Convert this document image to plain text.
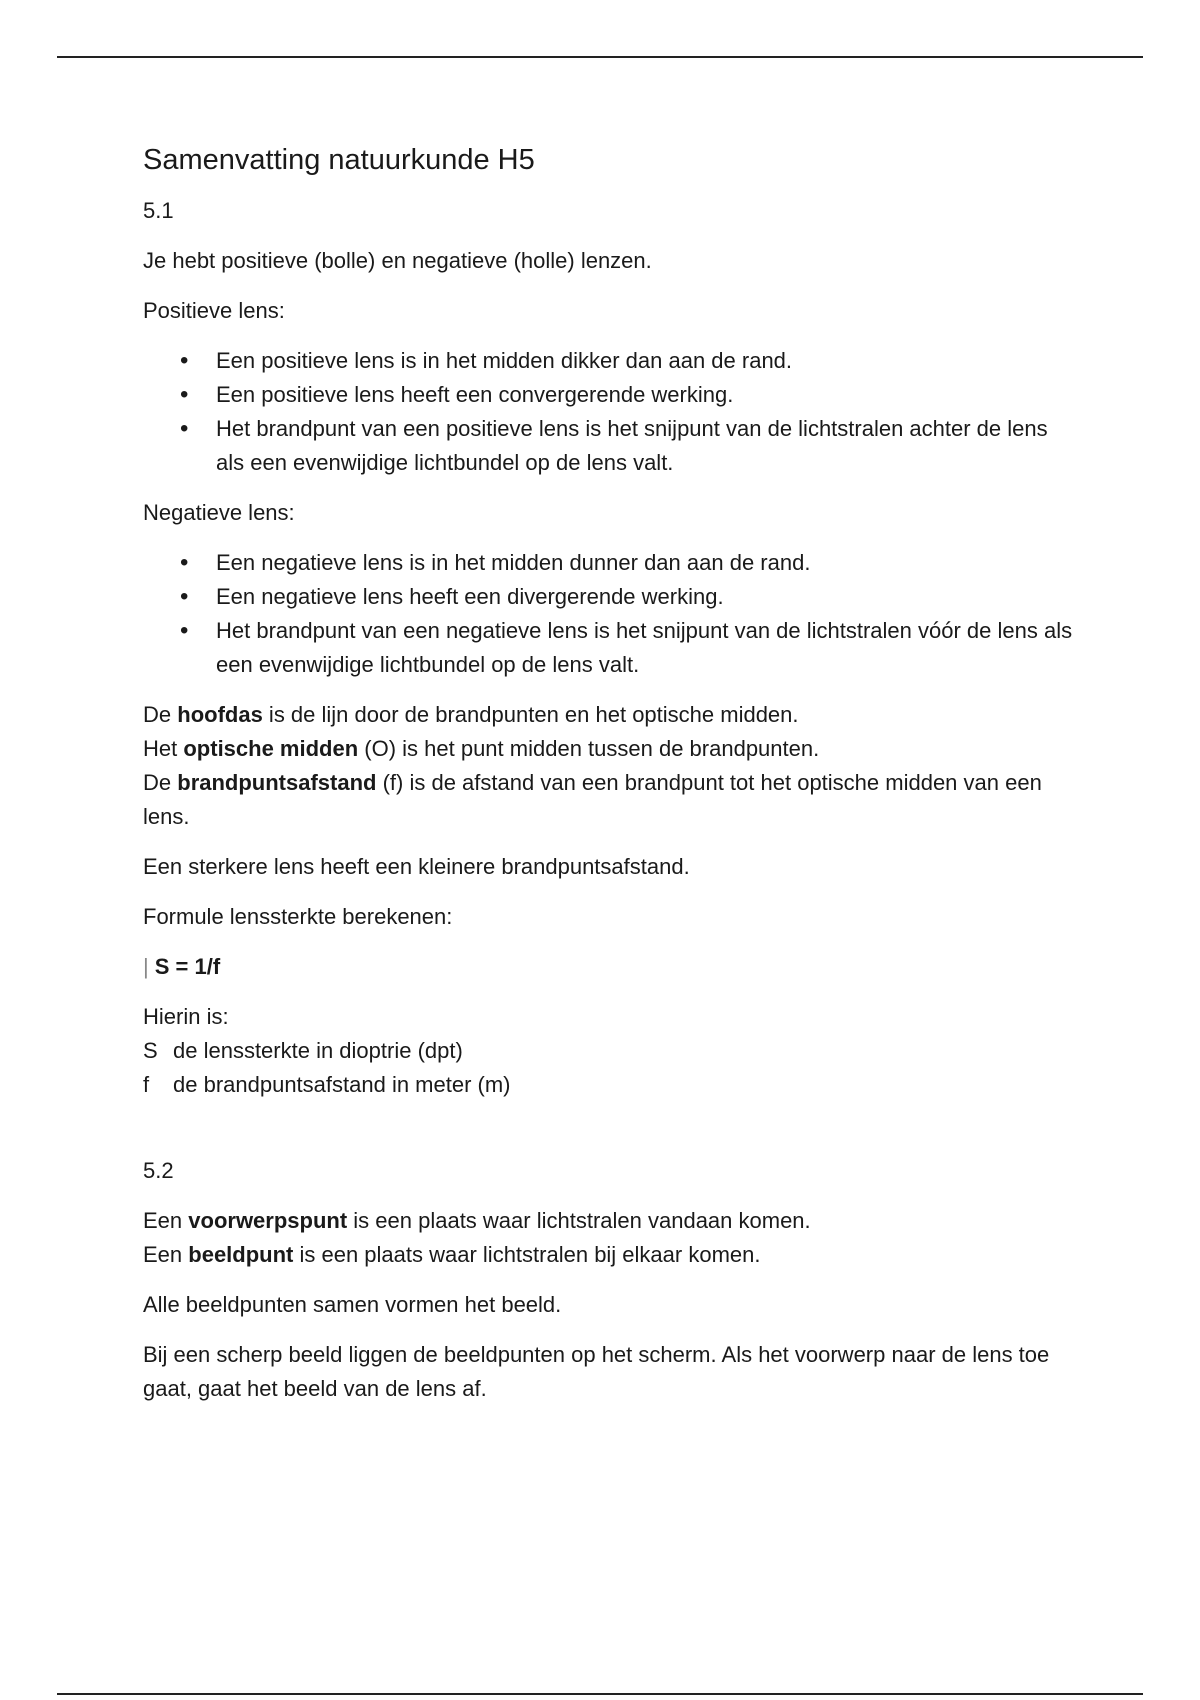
Samenvatting natuurkunde H5

5.1

Je hebt positieve (bolle) en negatieve (holle) lenzen.

Positieve lens:

• Een positieve lens is in het midden dikker dan aan de rand.
• Een positieve lens heeft een convergerende werking.
• Het brandpunt van een positieve lens is het snijpunt van de lichtstralen achter de lens als een evenwijdige lichtbundel op de lens valt.

Negatieve lens:

• Een negatieve lens is in het midden dunner dan aan de rand.
• Een negatieve lens heeft een divergerende werking.
• Het brandpunt van een negatieve lens is het snijpunt van de lichtstralen vóór de lens als een evenwijdige lichtbundel op de lens valt.

De hoofdas is de lijn door de brandpunten en het optische midden.

Het optische midden (O) is het punt midden tussen de brandpunten.

De brandpuntsafstand (f) is de afstand van een brandpunt tot het optische midden van een lens.

Een sterkere lens heeft een kleinere brandpuntsafstand.

Formule lenssterkte berekenen:

| S = 1/f

Hierin is:

S de lenssterkte in dioptrie (dpt)
f	de brandpuntsafstand in meter (m)

5.2

Een voorwerpspunt is een plaats waar lichtstralen vandaan komen.

Een beeldpunt is een plaats waar lichtstralen bij elkaar komen.

Alle beeldpunten samen vormen het beeld.

Bij een scherp beeld liggen de beeldpunten op het scherm. Als het voorwerp naar de lens toe gaat, gaat het beeld van de lens af.
